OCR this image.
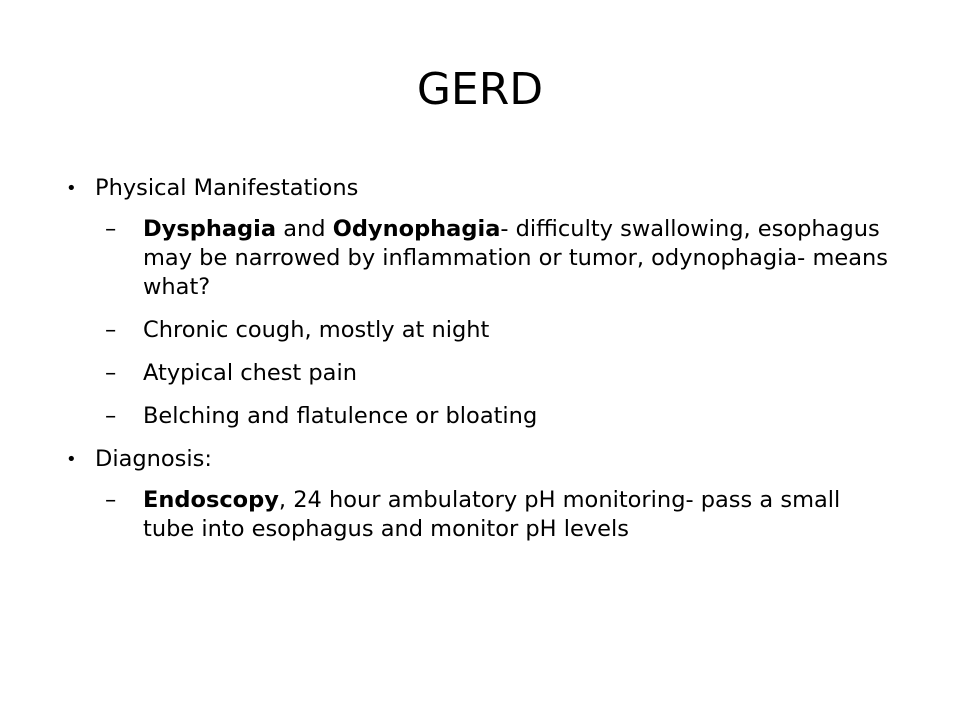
GERD
• Physical Manifestations
–	Dysphagia and Odynophagia- difficulty swallowing, esophagus may be narrowed by inflammation or tumor, odynophagia- means what?
–	Chronic cough, mostly at night
–	Atypical chest pain
–	Belching and flatulence or bloating
• Diagnosis:
–	Endoscopy, 24 hour ambulatory pH monitoring- pass a small tube into esophagus and monitor pH levels
